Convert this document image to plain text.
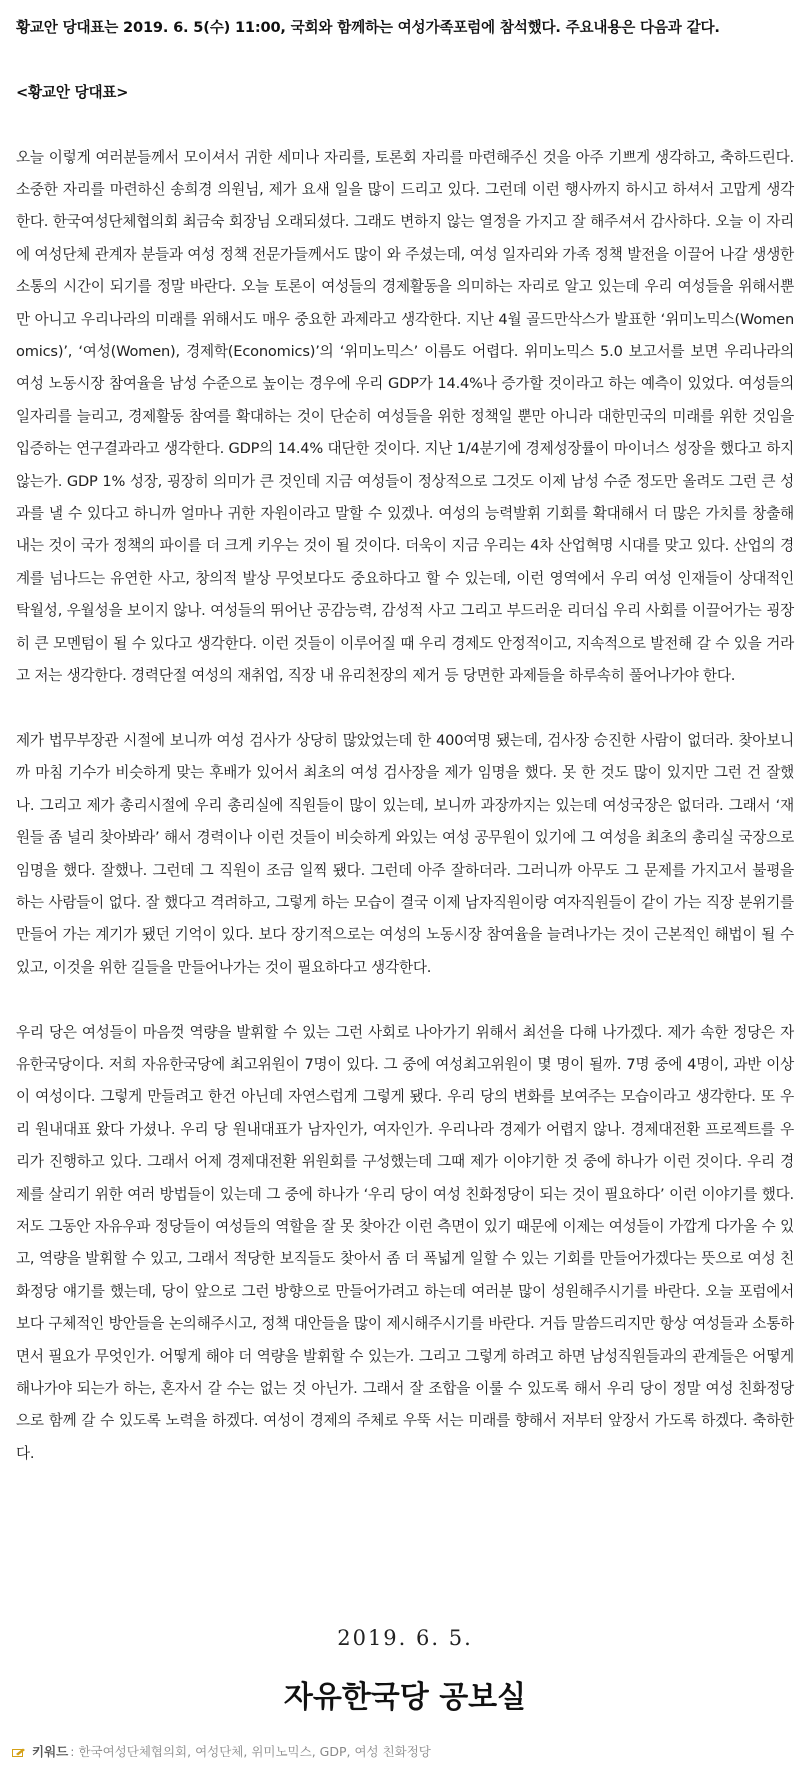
황교안 당대표는 2019. 6. 5(수) 11:00, 국회와 함께하는 여성가족포럼에 참석했다. 주요내용은 다음과 같다.

<황교안 당대표>

오늘 이렇게 여러분들께서 모이셔서 귀한 세미나 자리를, 토론회 자리를 마련해주신 것을 아주 기쁘게 생각하고, 축하드린다. 소중한 자리를 마련하신 송희경 의원님, 제가 요새 일을 많이 드리고 있다. 그런데 이런 행사까지 하시고 하셔서 고맙게 생각한다. 한국여성단체협의회 최금숙 회장님 오래되셨다. 그래도 변하지 않는 열정을 가지고 잘 해주셔서 감사하다. 오늘 이 자리에 여성단체 관계자 분들과 여성 정책 전문가들께서도 많이 와 주셨는데, 여성 일자리와 가족 정책 발전을 이끌어 나갈 생생한 소통의 시간이 되기를 정말 바란다. 오늘 토론이 여성들의 경제활동을 의미하는 자리로 알고 있는데 우리 여성들을 위해서뿐만 아니고 우리나라의 미래를 위해서도 매우 중요한 과제라고 생각한다. 지난 4월 골드만삭스가 발표한 ‘위미노믹스(Womenomics)’, ‘여성(Women), 경제학(Economics)’의 ‘위미노믹스’ 이름도 어렵다. 위미노믹스 5.0 보고서를 보면 우리나라의 여성 노동시장 참여율을 남성 수준으로 높이는 경우에 우리 GDP가 14.4%나 증가할 것이라고 하는 예측이 있었다. 여성들의 일자리를 늘리고, 경제활동 참여를 확대하는 것이 단순히 여성들을 위한 정책일 뿐만 아니라 대한민국의 미래를 위한 것임을 입증하는 연구결과라고 생각한다. GDP의 14.4% 대단한 것이다. 지난 1/4분기에 경제성장률이 마이너스 성장을 했다고 하지 않는가. GDP 1% 성장, 굉장히 의미가 큰 것인데 지금 여성들이 정상적으로 그것도 이제 남성 수준 정도만 올려도 그런 큰 성과를 낼 수 있다고 하니까 얼마나 귀한 자원이라고 말할 수 있겠나. 여성의 능력발휘 기회를 확대해서 더 많은 가치를 창출해내는 것이 국가 정책의 파이를 더 크게 키우는 것이 될 것이다. 더욱이 지금 우리는 4차 산업혁명 시대를 맞고 있다. 산업의 경계를 넘나드는 유연한 사고, 창의적 발상 무엇보다도 중요하다고 할 수 있는데, 이런 영역에서 우리 여성 인재들이 상대적인 탁월성, 우월성을 보이지 않나. 여성들의 뛰어난 공감능력, 감성적 사고 그리고 부드러운 리더십 우리 사회를 이끌어가는 굉장히 큰 모멘텀이 될 수 있다고 생각한다. 이런 것들이 이루어질 때 우리 경제도 안정적이고, 지속적으로 발전해 갈 수 있을 거라고 저는 생각한다. 경력단절 여성의 재취업, 직장 내 유리천장의 제거 등 당면한 과제들을 하루속히 풀어나가야 한다.

제가 법무부장관 시절에 보니까 여성 검사가 상당히 많았었는데 한 400여명 됐는데, 검사장 승진한 사람이 없더라. 찾아보니까 마침 기수가 비슷하게 맞는 후배가 있어서 최초의 여성 검사장을 제가 임명을 했다. 못 한 것도 많이 있지만 그런 건 잘했나. 그리고 제가 총리시절에 우리 총리실에 직원들이 많이 있는데, 보니까 과장까지는 있는데 여성국장은 없더라. 그래서 ‘재원들 좀 널리 찾아봐라’ 해서 경력이나 이런 것들이 비슷하게 와있는 여성 공무원이 있기에 그 여성을 최초의 총리실 국장으로 임명을 했다. 잘했나. 그런데 그 직원이 조금 일찍 됐다. 그런데 아주 잘하더라. 그러니까 아무도 그 문제를 가지고서 불평을 하는 사람들이 없다. 잘 했다고 격려하고, 그렇게 하는 모습이 결국 이제 남자직원이랑 여자직원들이 같이 가는 직장 분위기를 만들어 가는 계기가 됐던 기억이 있다. 보다 장기적으로는 여성의 노동시장 참여율을 늘려나가는 것이 근본적인 해법이 될 수 있고, 이것을 위한 길들을 만들어나가는 것이 필요하다고 생각한다.

우리 당은 여성들이 마음껏 역량을 발휘할 수 있는 그런 사회로 나아가기 위해서 최선을 다해 나가겠다. 제가 속한 정당은 자유한국당이다. 저희 자유한국당에 최고위원이 7명이 있다. 그 중에 여성최고위원이 몇 명이 될까. 7명 중에 4명이, 과반 이상이 여성이다. 그렇게 만들려고 한건 아닌데 자연스럽게 그렇게 됐다. 우리 당의 변화를 보여주는 모습이라고 생각한다. 또 우리 원내대표 왔다 가셨나. 우리 당 원내대표가 남자인가, 여자인가. 우리나라 경제가 어렵지 않나. 경제대전환 프로젝트를 우리가 진행하고 있다. 그래서 어제 경제대전환 위원회를 구성했는데 그때 제가 이야기한 것 중에 하나가 이런 것이다. 우리 경제를 살리기 위한 여러 방법들이 있는데 그 중에 하나가 ‘우리 당이 여성 친화정당이 되는 것이 필요하다’ 이런 이야기를 했다. 저도 그동안 자유우파 정당들이 여성들의 역할을 잘 못 찾아간 이런 측면이 있기 때문에 이제는 여성들이 가깝게 다가올 수 있고, 역량을 발휘할 수 있고, 그래서 적당한 보직들도 찾아서 좀 더 폭넓게 일할 수 있는 기회를 만들어가겠다는 뜻으로 여성 친화정당 얘기를 했는데, 당이 앞으로 그런 방향으로 만들어가려고 하는데 여러분 많이 성원해주시기를 바란다. 오늘 포럼에서 보다 구체적인 방안들을 논의해주시고, 정책 대안들을 많이 제시해주시기를 바란다. 거듭 말씀드리지만 항상 여성들과 소통하면서 필요가 무엇인가. 어떻게 해야 더 역량을 발휘할 수 있는가. 그리고 그렇게 하려고 하면 남성직원들과의 관계들은 어떻게 해나가야 되는가 하는, 혼자서 갈 수는 없는 것 아닌가. 그래서 잘 조합을 이룰 수 있도록 해서 우리 당이 정말 여성 친화정당으로 함께 갈 수 있도록 노력을 하겠다. 여성이 경제의 주체로 우뚝 서는 미래를 향해서 저부터 앞장서 가도록 하겠다. 축하한다.

2019. 6. 5.

자유한국당 공보실

키워드 : 한국여성단체협의회, 여성단체, 위미노믹스, GDP, 여성 친화정당
